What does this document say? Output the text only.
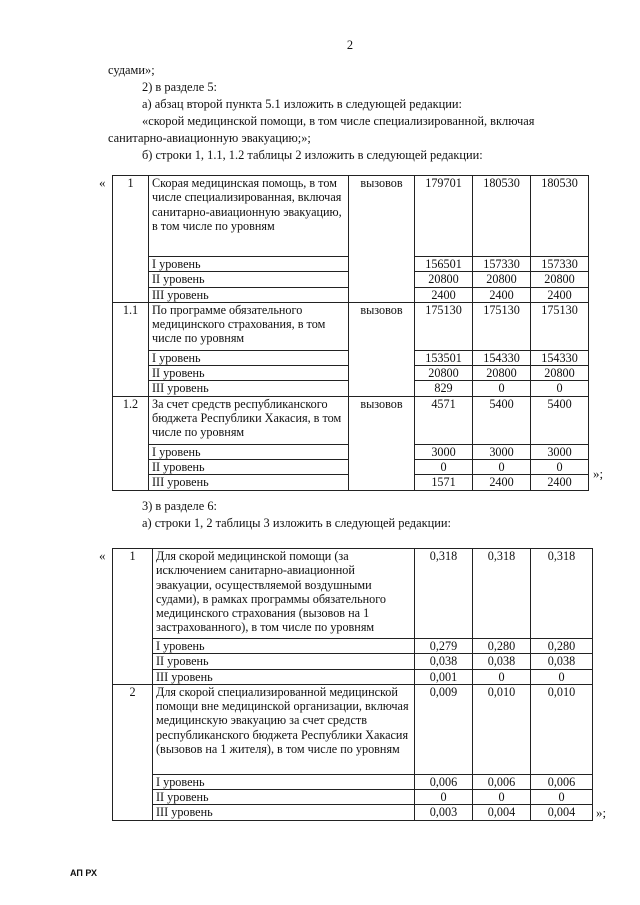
2
судами»;
2) в разделе 5:
а) абзац второй пункта 5.1 изложить в следующей редакции:
«скорой медицинской помощи, в том числе специализированной, включая
санитарно-авиационную эвакуацию;»;
б) строки 1, 1.1, 1.2 таблицы 2 изложить в следующей редакции:
« 1	Скорая медицинская помощь, в том числе специализированная, включая санитарно-авиационную эвакуацию, в том числе по уровням	вызовов	179701	180530	180530
	I уровень		156501	157330	157330
	II уровень		20800	20800	20800
	III уровень		2400	2400	2400
1.1	По программе обязательного медицинского страхования, в том числе по уровням	вызовов	175130	175130	175130
	I уровень		153501	154330	154330
	II уровень		20800	20800	20800
	III уровень		829	0	0
1.2	За счет средств республиканского бюджета Республики Хакасия, в том числе по уровням	вызовов	4571	5400	5400
	I уровень		3000	3000	3000
	II уровень		0	0	0
	III уровень		1571	2400	2400
»;
3) в разделе 6:
а) строки 1, 2 таблицы 3 изложить в следующей редакции:
« 1	Для скорой медицинской помощи (за исключением санитарно-авиационной эвакуации, осуществляемой воздушными судами), в рамках программы обязательного медицинского страхования (вызовов на 1 застрахованного), в том числе по уровням	0,318	0,318	0,318
	I уровень	0,279	0,280	0,280
	II уровень	0,038	0,038	0,038
	III уровень	0,001	0	0
2	Для скорой специализированной медицинской помощи вне медицинской организации, включая медицинскую эвакуацию за счет средств республиканского бюджета Республики Хакасия (вызовов на 1 жителя), в том числе по уровням	0,009	0,010	0,010
	I уровень	0,006	0,006	0,006
	II уровень	0	0	0
	III уровень	0,003	0,004	0,004 »;
АП РХ
